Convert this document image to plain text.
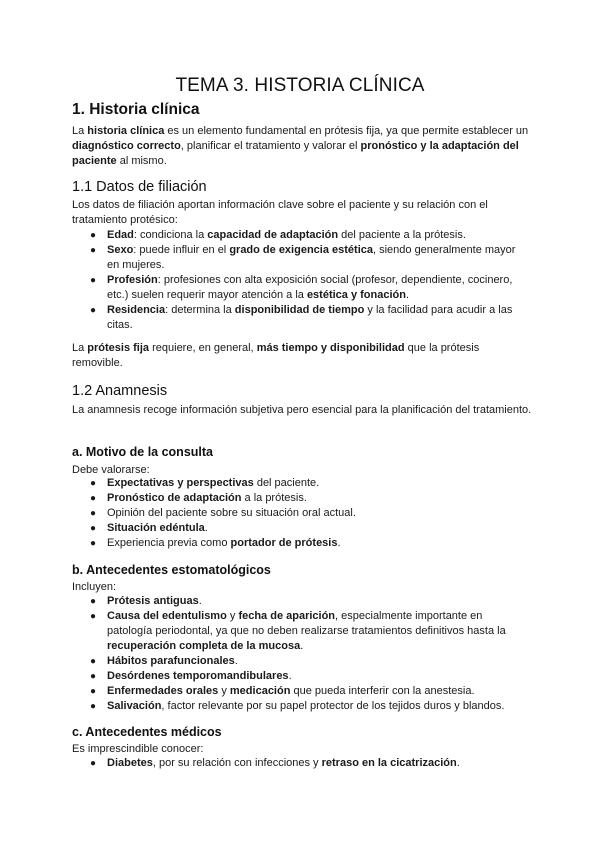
TEMA 3. HISTORIA CLÍNICA
1. Historia clínica

La historia clínica es un elemento fundamental en prótesis fija, ya que permite establecer un diagnóstico correcto, planificar el tratamiento y valorar el pronóstico y la adaptación del paciente al mismo.

1.1 Datos de filiación

Los datos de filiación aportan información clave sobre el paciente y su relación con el tratamiento protésico:

● Edad: condiciona la capacidad de adaptación del paciente a la prótesis.
● Sexo: puede influir en el grado de exigencia estética, siendo generalmente mayor en mujeres.
● Profesión: profesiones con alta exposición social (profesor, dependiente, cocinero, etc.) suelen requerir mayor atención a la estética y fonación.
● Residencia: determina la disponibilidad de tiempo y la facilidad para acudir a las citas.

La prótesis fija requiere, en general, más tiempo y disponibilidad que la prótesis removible.

1.2 Anamnesis

La anamnesis recoge información subjetiva pero esencial para la planificación del tratamiento.

a. Motivo de la consulta

Debe valorarse:

● Expectativas y perspectivas del paciente.
● Pronóstico de adaptación a la prótesis.
● Opinión del paciente sobre su situación oral actual.
● Situación edéntula.
● Experiencia previa como portador de prótesis.
b. Antecedentes estomatológicos

Incluyen:

● Prótesis antiguas.
● Causa del edentulismo y fecha de aparición, especialmente importante en patología periodontal, ya que no deben realizarse tratamientos definitivos hasta la recuperación completa de la mucosa.
● Hábitos parafuncionales.
● Desórdenes temporomandibulares.
● Enfermedades orales y medicación que pueda interferir con la anestesia.
● Salivación, factor relevante por su papel protector de los tejidos duros y blandos.
c. Antecedentes médicos

Es imprescindible conocer:

● Diabetes, por su relación con infecciones y retraso en la cicatrización.
